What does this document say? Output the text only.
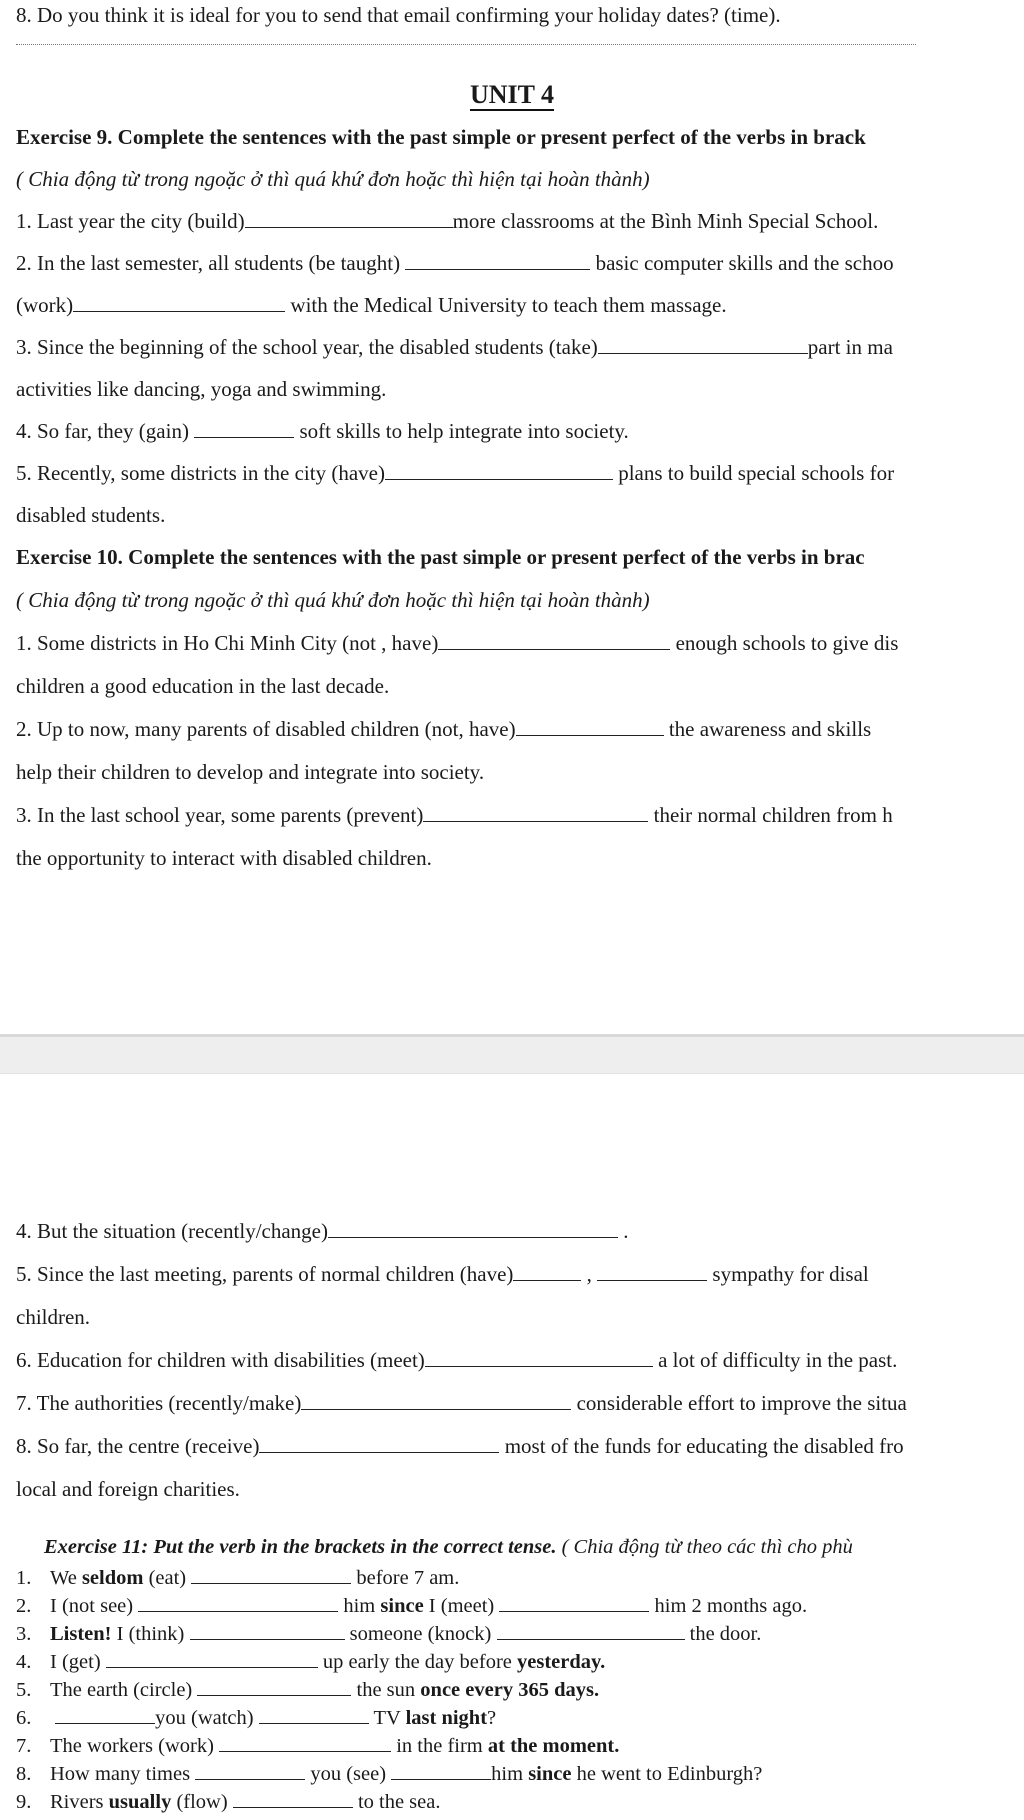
8. Do you think it is ideal for you to send that email confirming your holiday dates? (time).
UNIT 4
Exercise 9. Complete the sentences with the past simple or present perfect of the verbs in brack
( Chia động từ trong ngoặc ở thì quá khứ đơn hoặc thì hiện tại hoàn thành)
1. Last year the city (build)	more classrooms at the Bình Minh Special School.
2. In the last semester, all students (be taught)	basic computer skills and the schoo
(work)	with the Medical University to teach them massage.
3. Since the beginning of the school year, the disabled students (take)	part in ma
activities like dancing, yoga and swimming.
4. So far, they (gain)	soft skills to help integrate into society.
5. Recently, some districts in the city (have)	plans to build special schools for
disabled students.
Exercise 10. Complete the sentences with the past simple or present perfect of the verbs in brac
( Chia động từ trong ngoặc ở thì quá khứ đơn hoặc thì hiện tại hoàn thành)
1. Some districts in Ho Chi Minh City (not , have)	enough schools to give dis
children a good education in the last decade.
2. Up to now, many parents of disabled children (not, have)	the awareness and skills
help their children to develop and integrate into society.
3. In the last school year, some parents (prevent)	their normal children from h
the opportunity to interact with disabled children.
4. But the situation (recently/change)	.
5. Since the last meeting, parents of normal children (have)	,	sympathy for disal
children.
6. Education for children with disabilities (meet)	a lot of difficulty in the past.
7. The authorities (recently/make)	considerable effort to improve the situa
8. So far, the centre (receive)	most of the funds for educating the disabled fro
local and foreign charities.
Exercise 11: Put the verb in the brackets in the correct tense. ( Chia động từ theo các thì cho phù
1. We seldom (eat)	before 7 am.
2. I (not see)	him since I (meet)	him 2 months ago.
3. Listen! I (think)	someone (knock)	the door.
4. I (get)	up early the day before yesterday.
5. The earth (circle)	the sun once every 365 days.
6.	you (watch)	TV last night?
7. The workers (work)	in the firm at the moment.
8. How many times	you (see)	him since he went to Edinburgh?
9. Rivers usually (flow)	to the sea.
